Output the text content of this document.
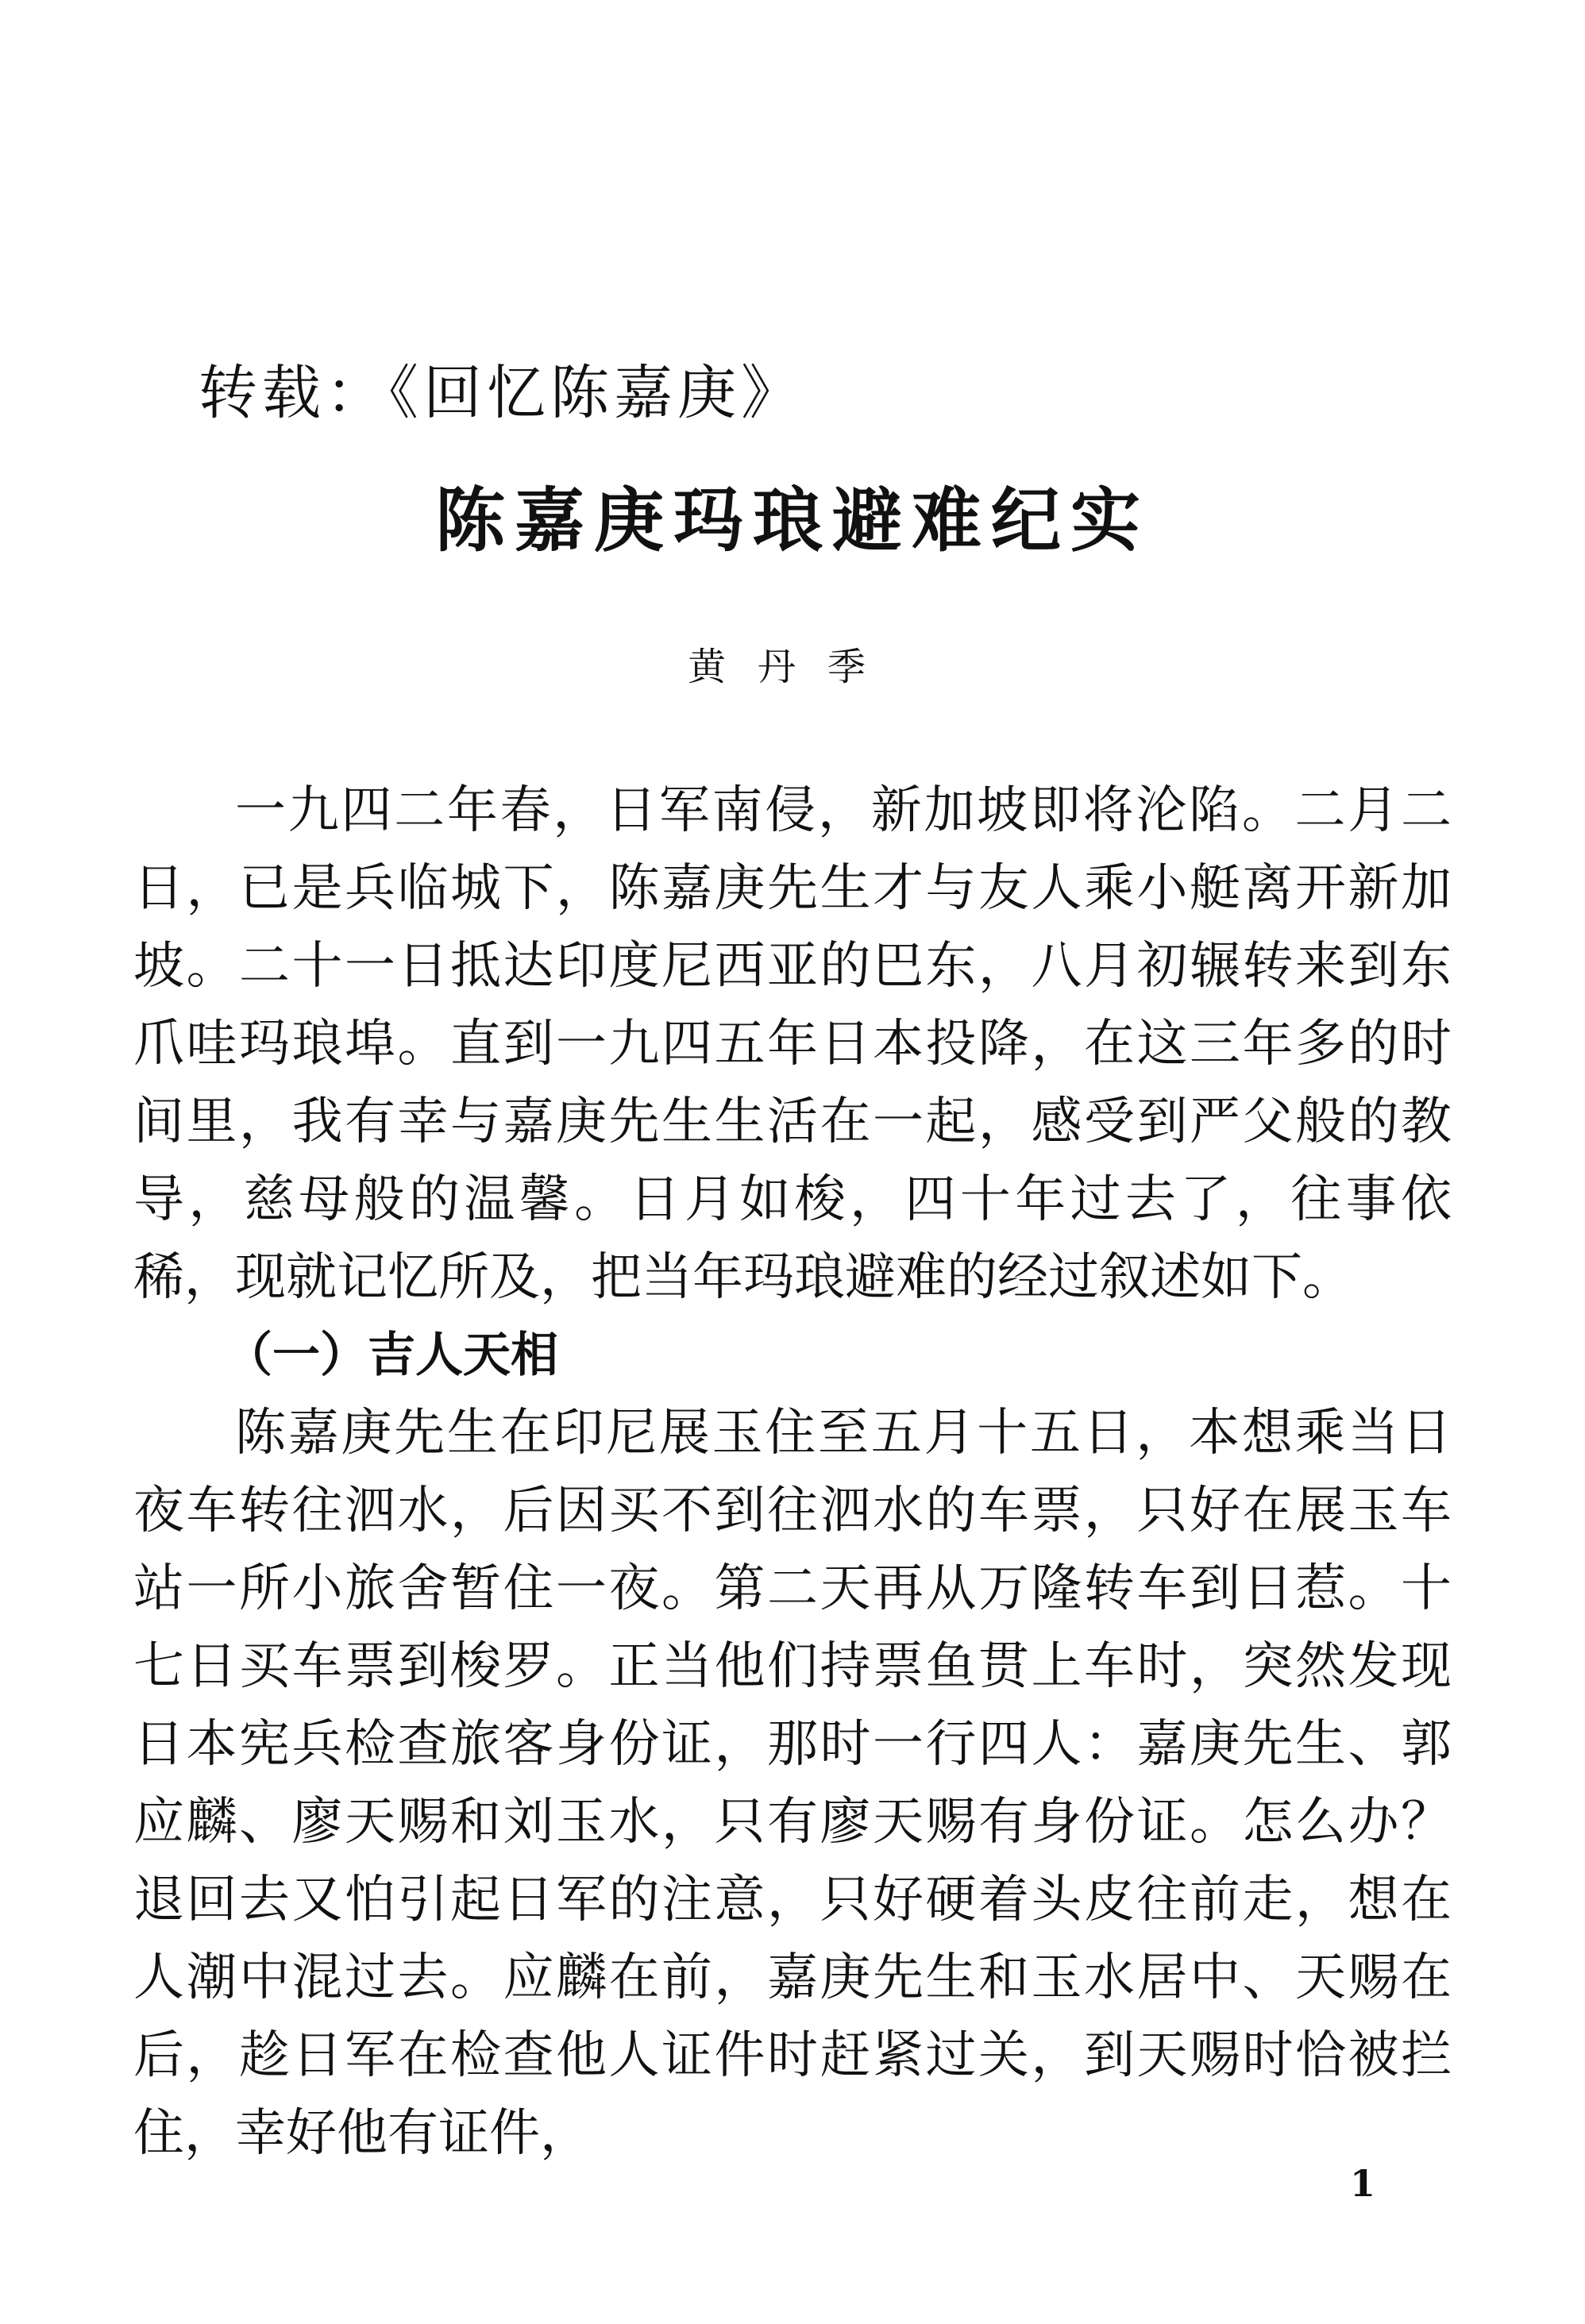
转载：《回忆陈嘉庚》
陈嘉庚玛琅避难纪实
黄丹季

一九四二年春，日军南侵，新加坡即将沦陷。二月二日，已是兵临城下，陈嘉庚先生才与友人乘小艇离开新加坡。二十一日抵达印度尼西亚的巴东，八月初辗转来到东爪哇玛琅埠。直到一九四五年日本投降，在这三年多的时间里，我有幸与嘉庚先生生活在一起，感受到严父般的教导，慈母般的温馨。日月如梭，四十年过去了，往事依稀，现就记忆所及，把当年玛琅避难的经过叙述如下。

（一）吉人天相

陈嘉庚先生在印尼展玉住至五月十五日，本想乘当日夜车转往泗水，后因买不到往泗水的车票，只好在展玉车站一所小旅舍暂住一夜。第二天再从万隆转车到日惹。十七日买车票到梭罗。正当他们持票鱼贯上车时，突然发现日本宪兵检查旅客身份证，那时一行四人：嘉庚先生、郭应麟、廖天赐和刘玉水，只有廖天赐有身份证。怎么办？退回去又怕引起日军的注意，只好硬着头皮往前走，想在人潮中混过去。应麟在前，嘉庚先生和玉水居中、天赐在后，趁日军在检查他人证件时赶紧过关，到天赐时恰被拦住，幸好他有证件，

1
